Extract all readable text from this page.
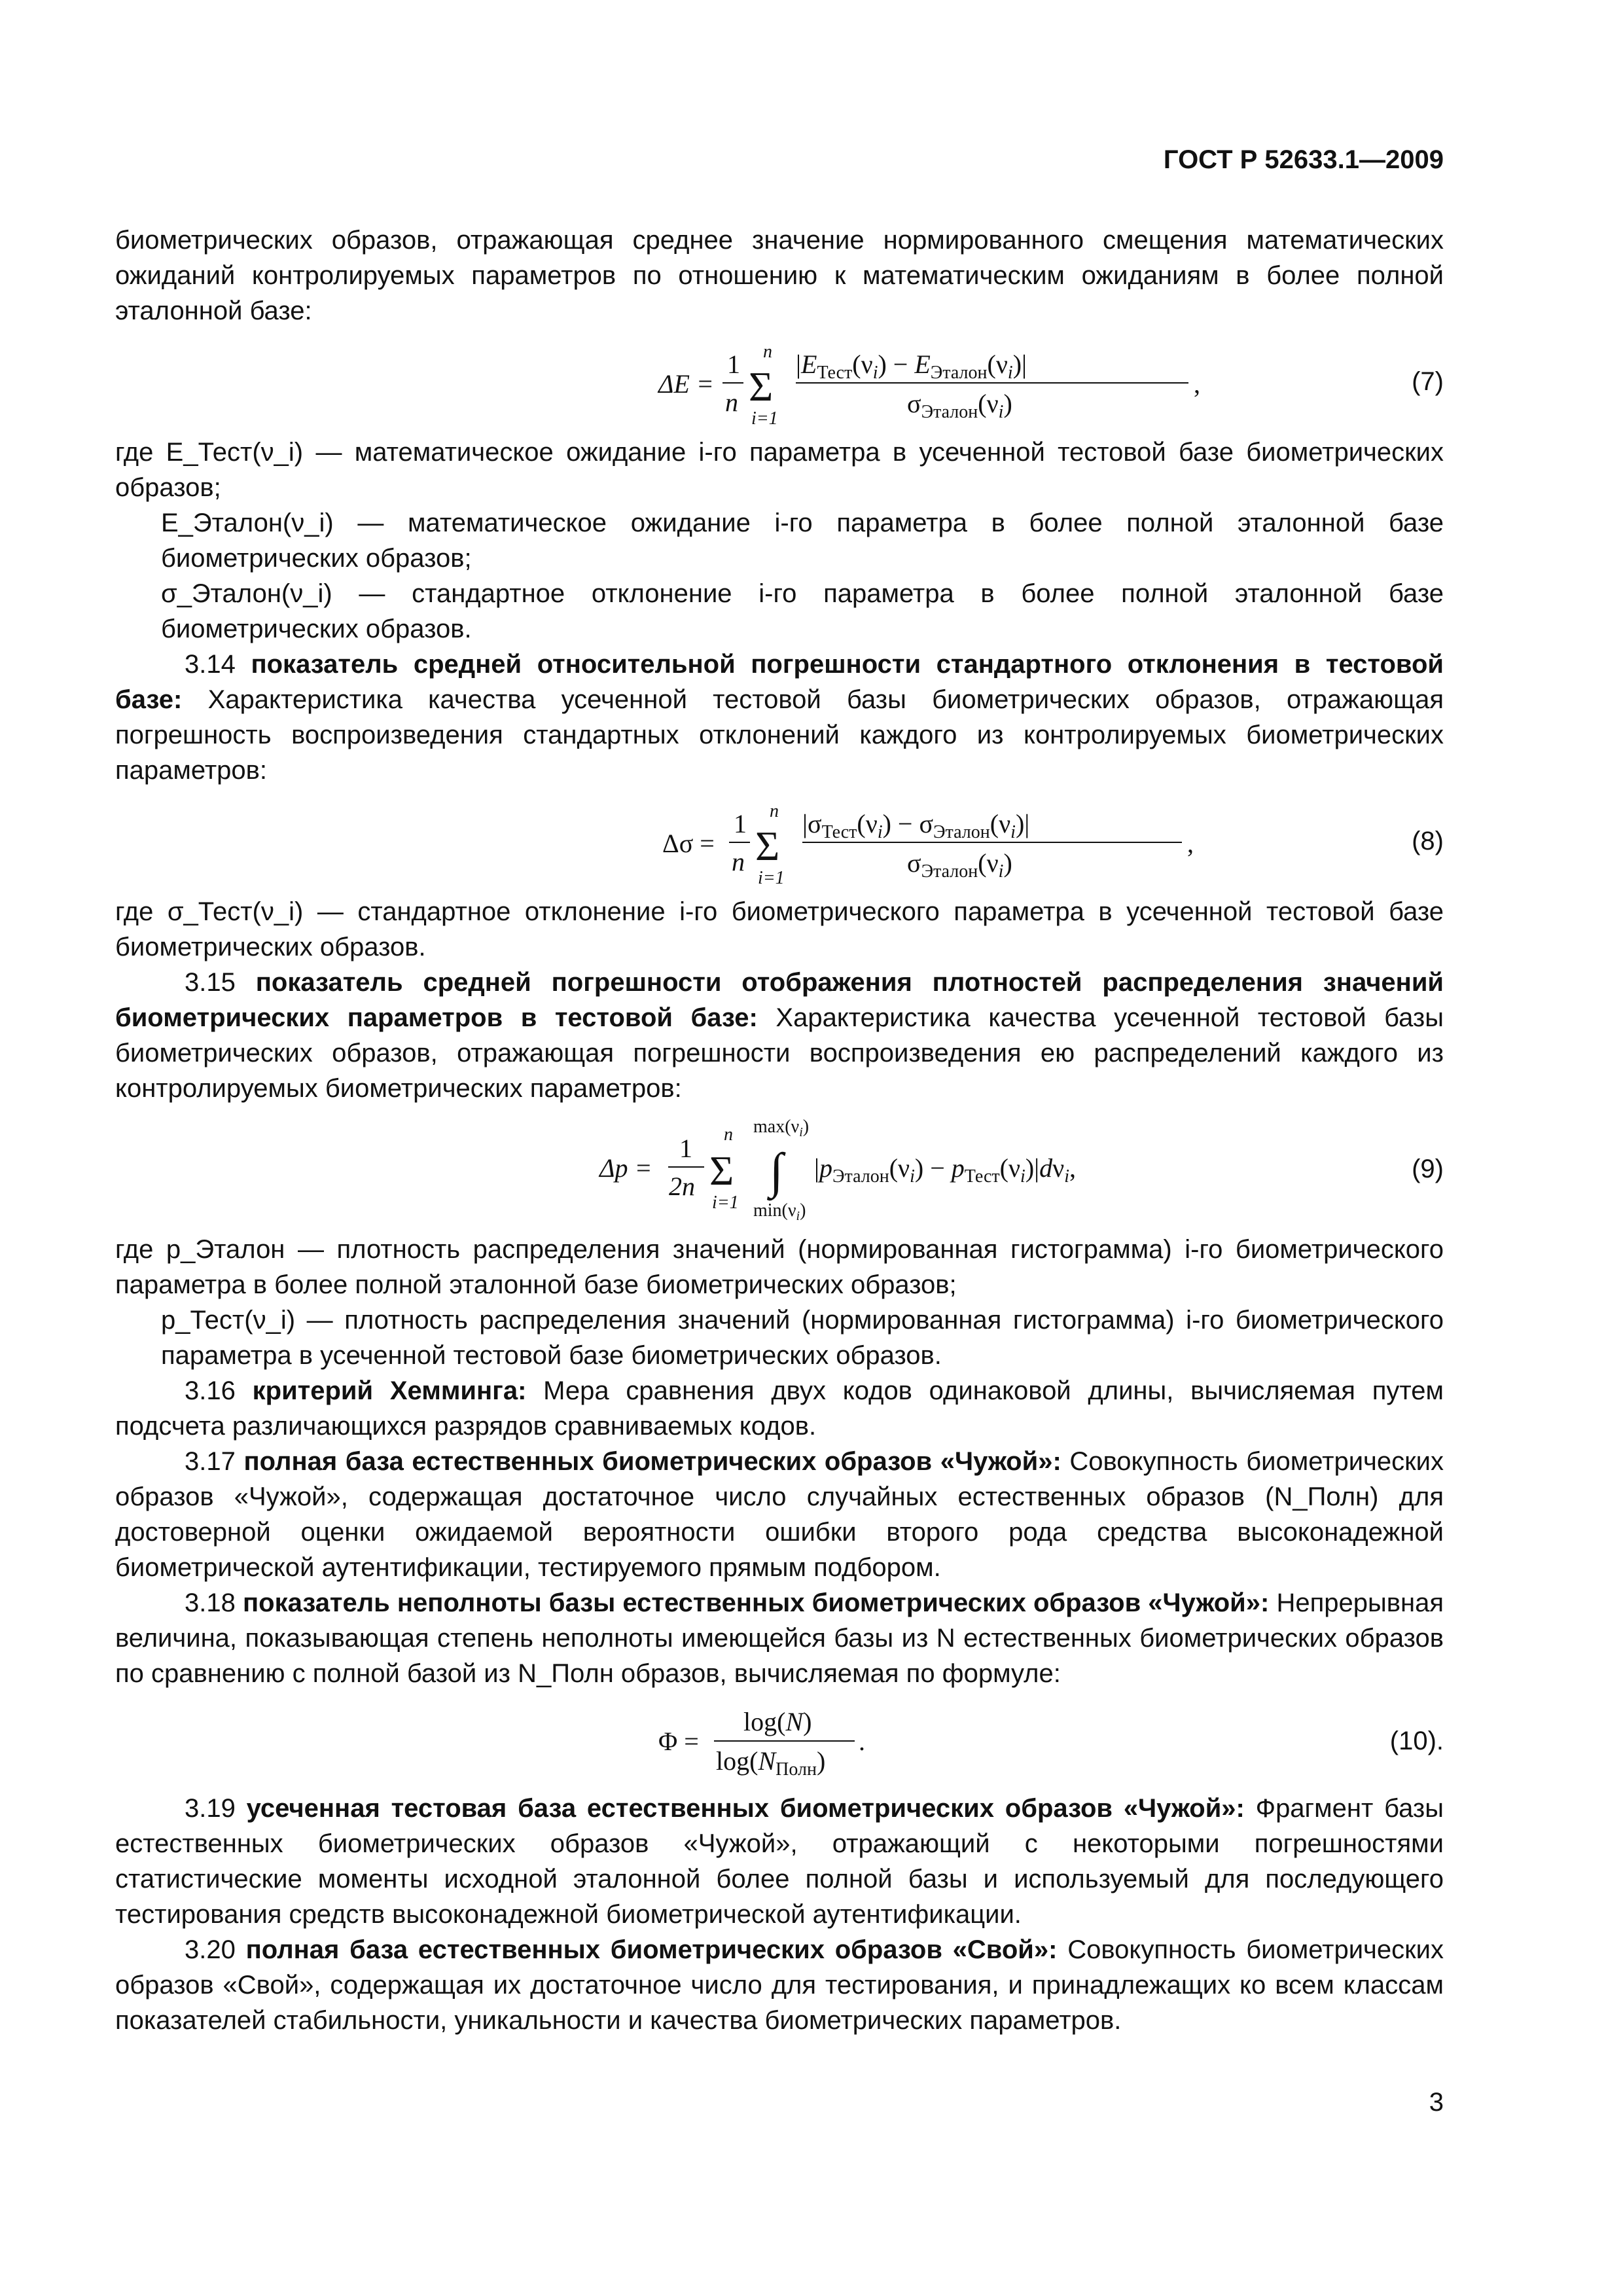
ГОСТ Р 52633.1—2009

биометрических образов, отражающая среднее значение нормированного смещения математических ожиданий контролируемых параметров по отношению к математическим ожиданиям в более полной эталонной базе:

ΔE =
1
n
n
Σ
i=1
$|E_{Тест}(\nu_i) - E_{Эталон}(\nu_i)|$
$\sigma_{Эталон}(\nu_i)$
,	(7)

где E_Тест(ν_i) — математическое ожидание i-го параметра в усеченной тестовой базе биометрических образов;

E_Эталон(ν_i) — математическое ожидание i-го параметра в более полной эталонной базе биометрических образов;

σ_Эталон(ν_i) — стандартное отклонение i-го параметра в более полной эталонной базе биометрических образов.

3.14 показатель средней относительной погрешности стандартного отклонения в тестовой базе: Характеристика качества усеченной тестовой базы биометрических образов, отражающая погрешность воспроизведения стандартных отклонений каждого из контролируемых биометрических параметров:

Δσ =
1
n
n
Σ
i=1
$|\sigma_{Тест}(\nu_i) - \sigma_{Эталон}(\nu_i)|$
$\sigma_{Эталон}(\nu_i)$
,	(8)

где σ_Тест(ν_i) — стандартное отклонение i-го биометрического параметра в усеченной тестовой базе биометрических образов.

3.15 показатель средней погрешности отображения плотностей распределения значений биометрических параметров в тестовой базе: Характеристика качества усеченной тестовой базы биометрических образов, отражающая погрешности воспроизведения ею распределений каждого из контролируемых биометрических параметров:

Δp =
1
2n
n
Σ
i=1
$\max(\nu_i)$
∫
$\min(\nu_i)$
$|p_{Эталон}(\nu_i) - p_{Тест}(\nu_i)|d\nu_i$,	(9)

где p_Эталон — плотность распределения значений (нормированная гистограмма) i-го биометрического параметра в более полной эталонной базе биометрических образов;

p_Тест(ν_i) — плотность распределения значений (нормированная гистограмма) i-го биометрического параметра в усеченной тестовой базе биометрических образов.

3.16 критерий Хемминга: Мера сравнения двух кодов одинаковой длины, вычисляемая путем подсчета различающихся разрядов сравниваемых кодов.

3.17 полная база естественных биометрических образов «Чужой»: Совокупность биометрических образов «Чужой», содержащая достаточное число случайных естественных образов (N_Полн) для достоверной оценки ожидаемой вероятности ошибки второго рода средства высоконадежной биометрической аутентификации, тестируемого прямым подбором.

3.18 показатель неполноты базы естественных биометрических образов «Чужой»: Непрерывная величина, показывающая степень неполноты имеющейся базы из N естественных биометрических образов по сравнению с полной базой из N_Полн образов, вычисляемая по формуле:

Φ =
log(N)
$\log(N_{Полн})$
.	(10).

3.19 усеченная тестовая база естественных биометрических образов «Чужой»: Фрагмент базы естественных биометрических образов «Чужой», отражающий с некоторыми погрешностями статистические моменты исходной эталонной более полной базы и используемый для последующего тестирования средств высоконадежной биометрической аутентификации.

3.20 полная база естественных биометрических образов «Свой»: Совокупность биометрических образов «Свой», содержащая их достаточное число для тестирования, и принадлежащих ко всем классам показателей стабильности, уникальности и качества биометрических параметров.

3
